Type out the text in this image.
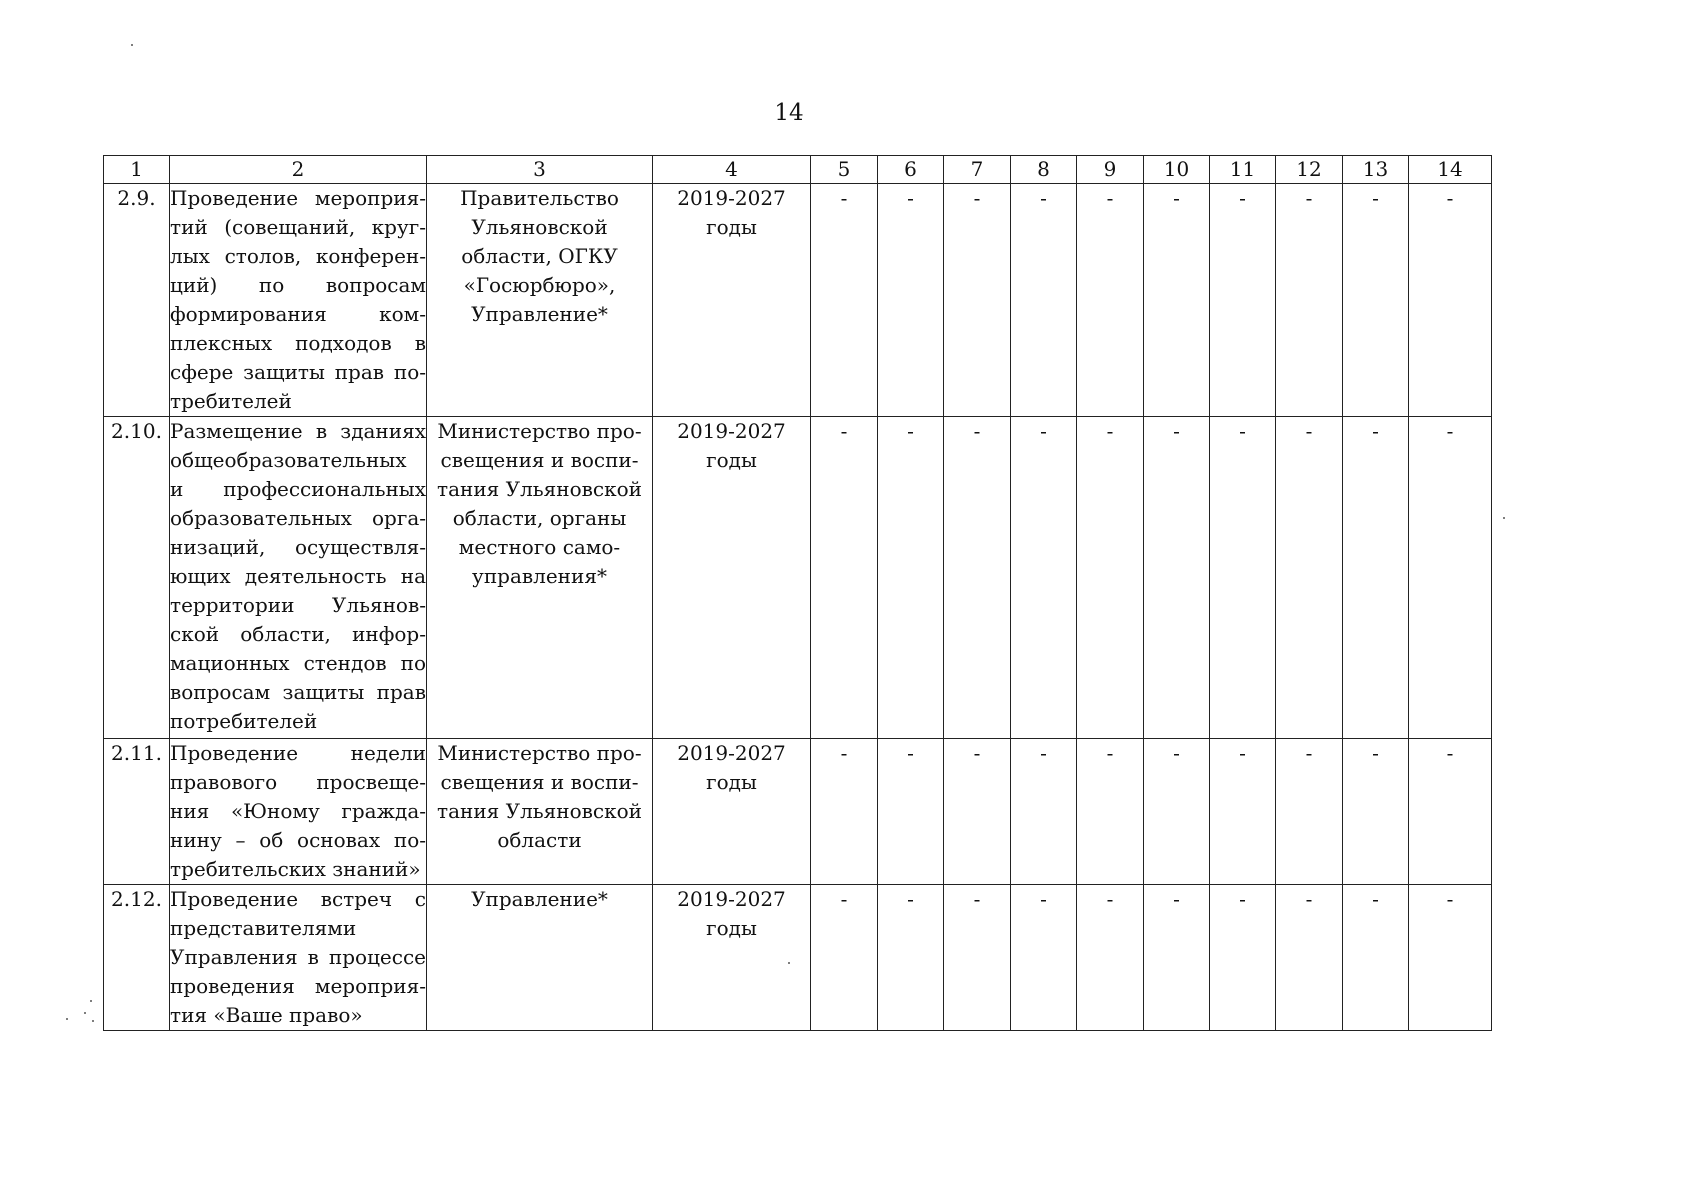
14
1	2	3	4	5	6	7	8	9	10	11	12	13	14
2.9.	Проведение мероприя-тий (совещаний, круг-лых столов, конферен-ций) по вопросам формирования ком-плексных подходов в сфере защиты прав по-требителей	Правительство Ульяновской области, ОГКУ «Госюрбюро», Управление*	2019-2027 годы	-	-	-	-	-	-	-	-	-	-
2.10.	Размещение в зданиях общеобразовательных и профессиональных образовательных орга-низаций, осуществля-ющих деятельность на территории Ульянов-ской области, инфор-мационных стендов по вопросам защиты прав потребителей	Министерство про-свещения и воспи-тания Ульяновской области, органы местного само-управления*	2019-2027 годы	-	-	-	-	-	-	-	-	-	-
2.11.	Проведение недели правового просвеще-ния «Юному гражда-нину – об основах по-требительских знаний»	Министерство про-свещения и воспи-тания Ульяновской области	2019-2027 годы	-	-	-	-	-	-	-	-	-	-
2.12.	Проведение встреч с представителями Управления в процессе проведения мероприя-тия «Ваше право»	Управление*	2019-2027 годы	-	-	-	-	-	-	-	-	-	-
